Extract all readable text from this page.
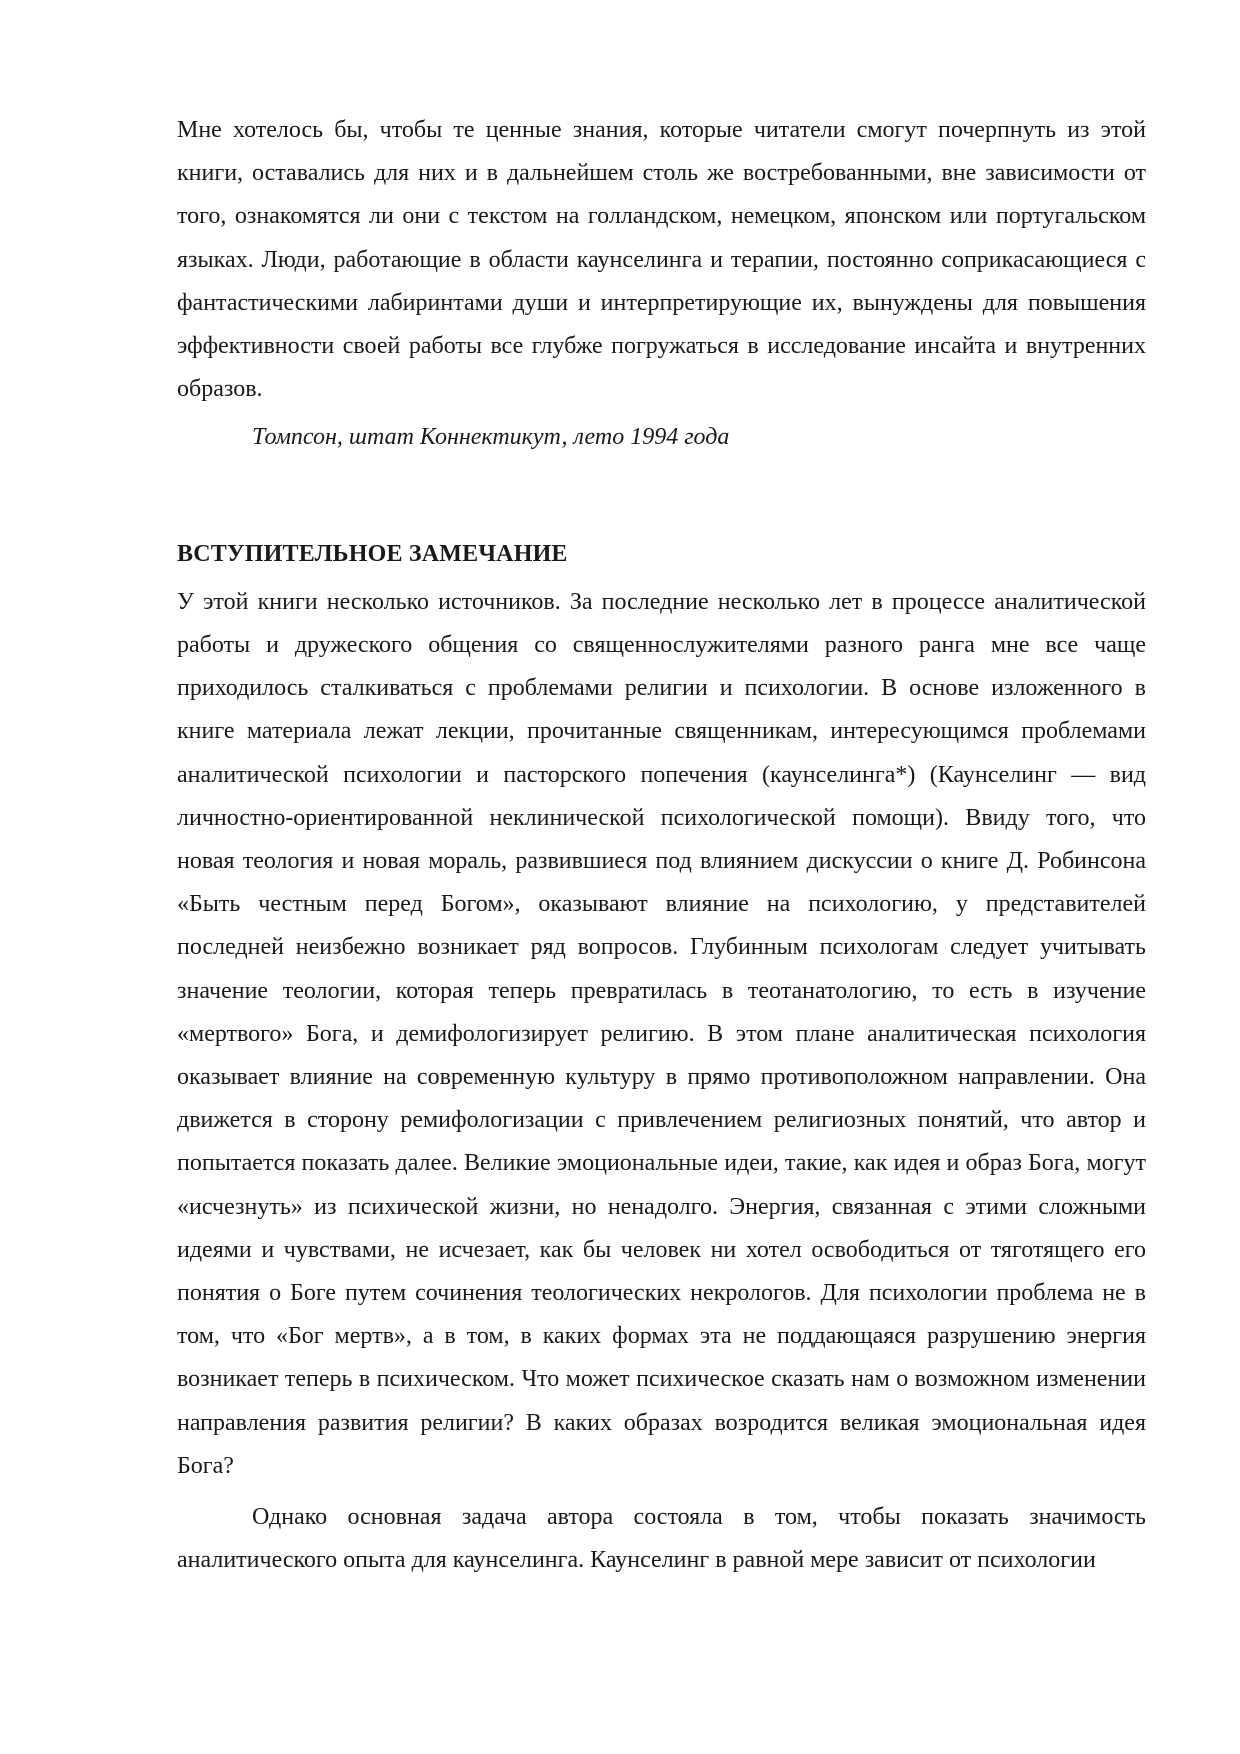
Мне хотелось бы, чтобы те ценные знания, которые читатели смогут почерпнуть из этой книги, оставались для них и в дальнейшем столь же востребованными, вне зависимости от того, ознакомятся ли они с текстом на голландском, немецком, японском или португальском языках. Люди, работающие в области каунселинга и терапии, постоянно соприкасающиеся с фантастическими лабиринтами души и интерпретирующие их, вынуждены для повышения эффективности своей работы все глубже погружаться в исследование инсайта и внутренних образов.

Томпсон, штат Коннектикут, лето 1994 года

ВСТУПИТЕЛЬНОЕ ЗАМЕЧАНИЕ

У этой книги несколько источников. За последние несколько лет в процессе аналитической работы и дружеского общения со священнослужителями разного ранга мне все чаще приходилось сталкиваться с проблемами религии и психологии. В основе изложенного в книге материала лежат лекции, прочитанные священникам, интересующимся проблемами аналитической психологии и пасторского попечения (каунселинга*) (Каунселинг — вид личностно-ориентированной неклинической психологической помощи). Ввиду того, что новая теология и новая мораль, развившиеся под влиянием дискуссии о книге Д. Робинсона «Быть честным перед Богом», оказывают влияние на психологию, у представителей последней неизбежно возникает ряд вопросов. Глубинным психологам следует учитывать значение теологии, которая теперь превратилась в теотанатологию, то есть в изучение «мертвого» Бога, и демифологизирует религию. В этом плане аналитическая психология оказывает влияние на современную культуру в прямо противоположном направлении. Она движется в сторону ремифологизации с привлечением религиозных понятий, что автор и попытается показать далее. Великие эмоциональные идеи, такие, как идея и образ Бога, могут «исчезнуть» из психической жизни, но ненадолго. Энергия, связанная с этими сложными идеями и чувствами, не исчезает, как бы человек ни хотел освободиться от тяготящего его понятия о Боге путем сочинения теологических некрологов. Для психологии проблема не в том, что «Бог мертв», а в том, в каких формах эта не поддающаяся разрушению энергия возникает теперь в психическом. Что может психическое сказать нам о возможном изменении направления развития религии? В каких образах возродится великая эмоциональная идея Бога?

Однако основная задача автора состояла в том, чтобы показать значимость аналитического опыта для каунселинга. Каунселинг в равной мере зависит от психологии
